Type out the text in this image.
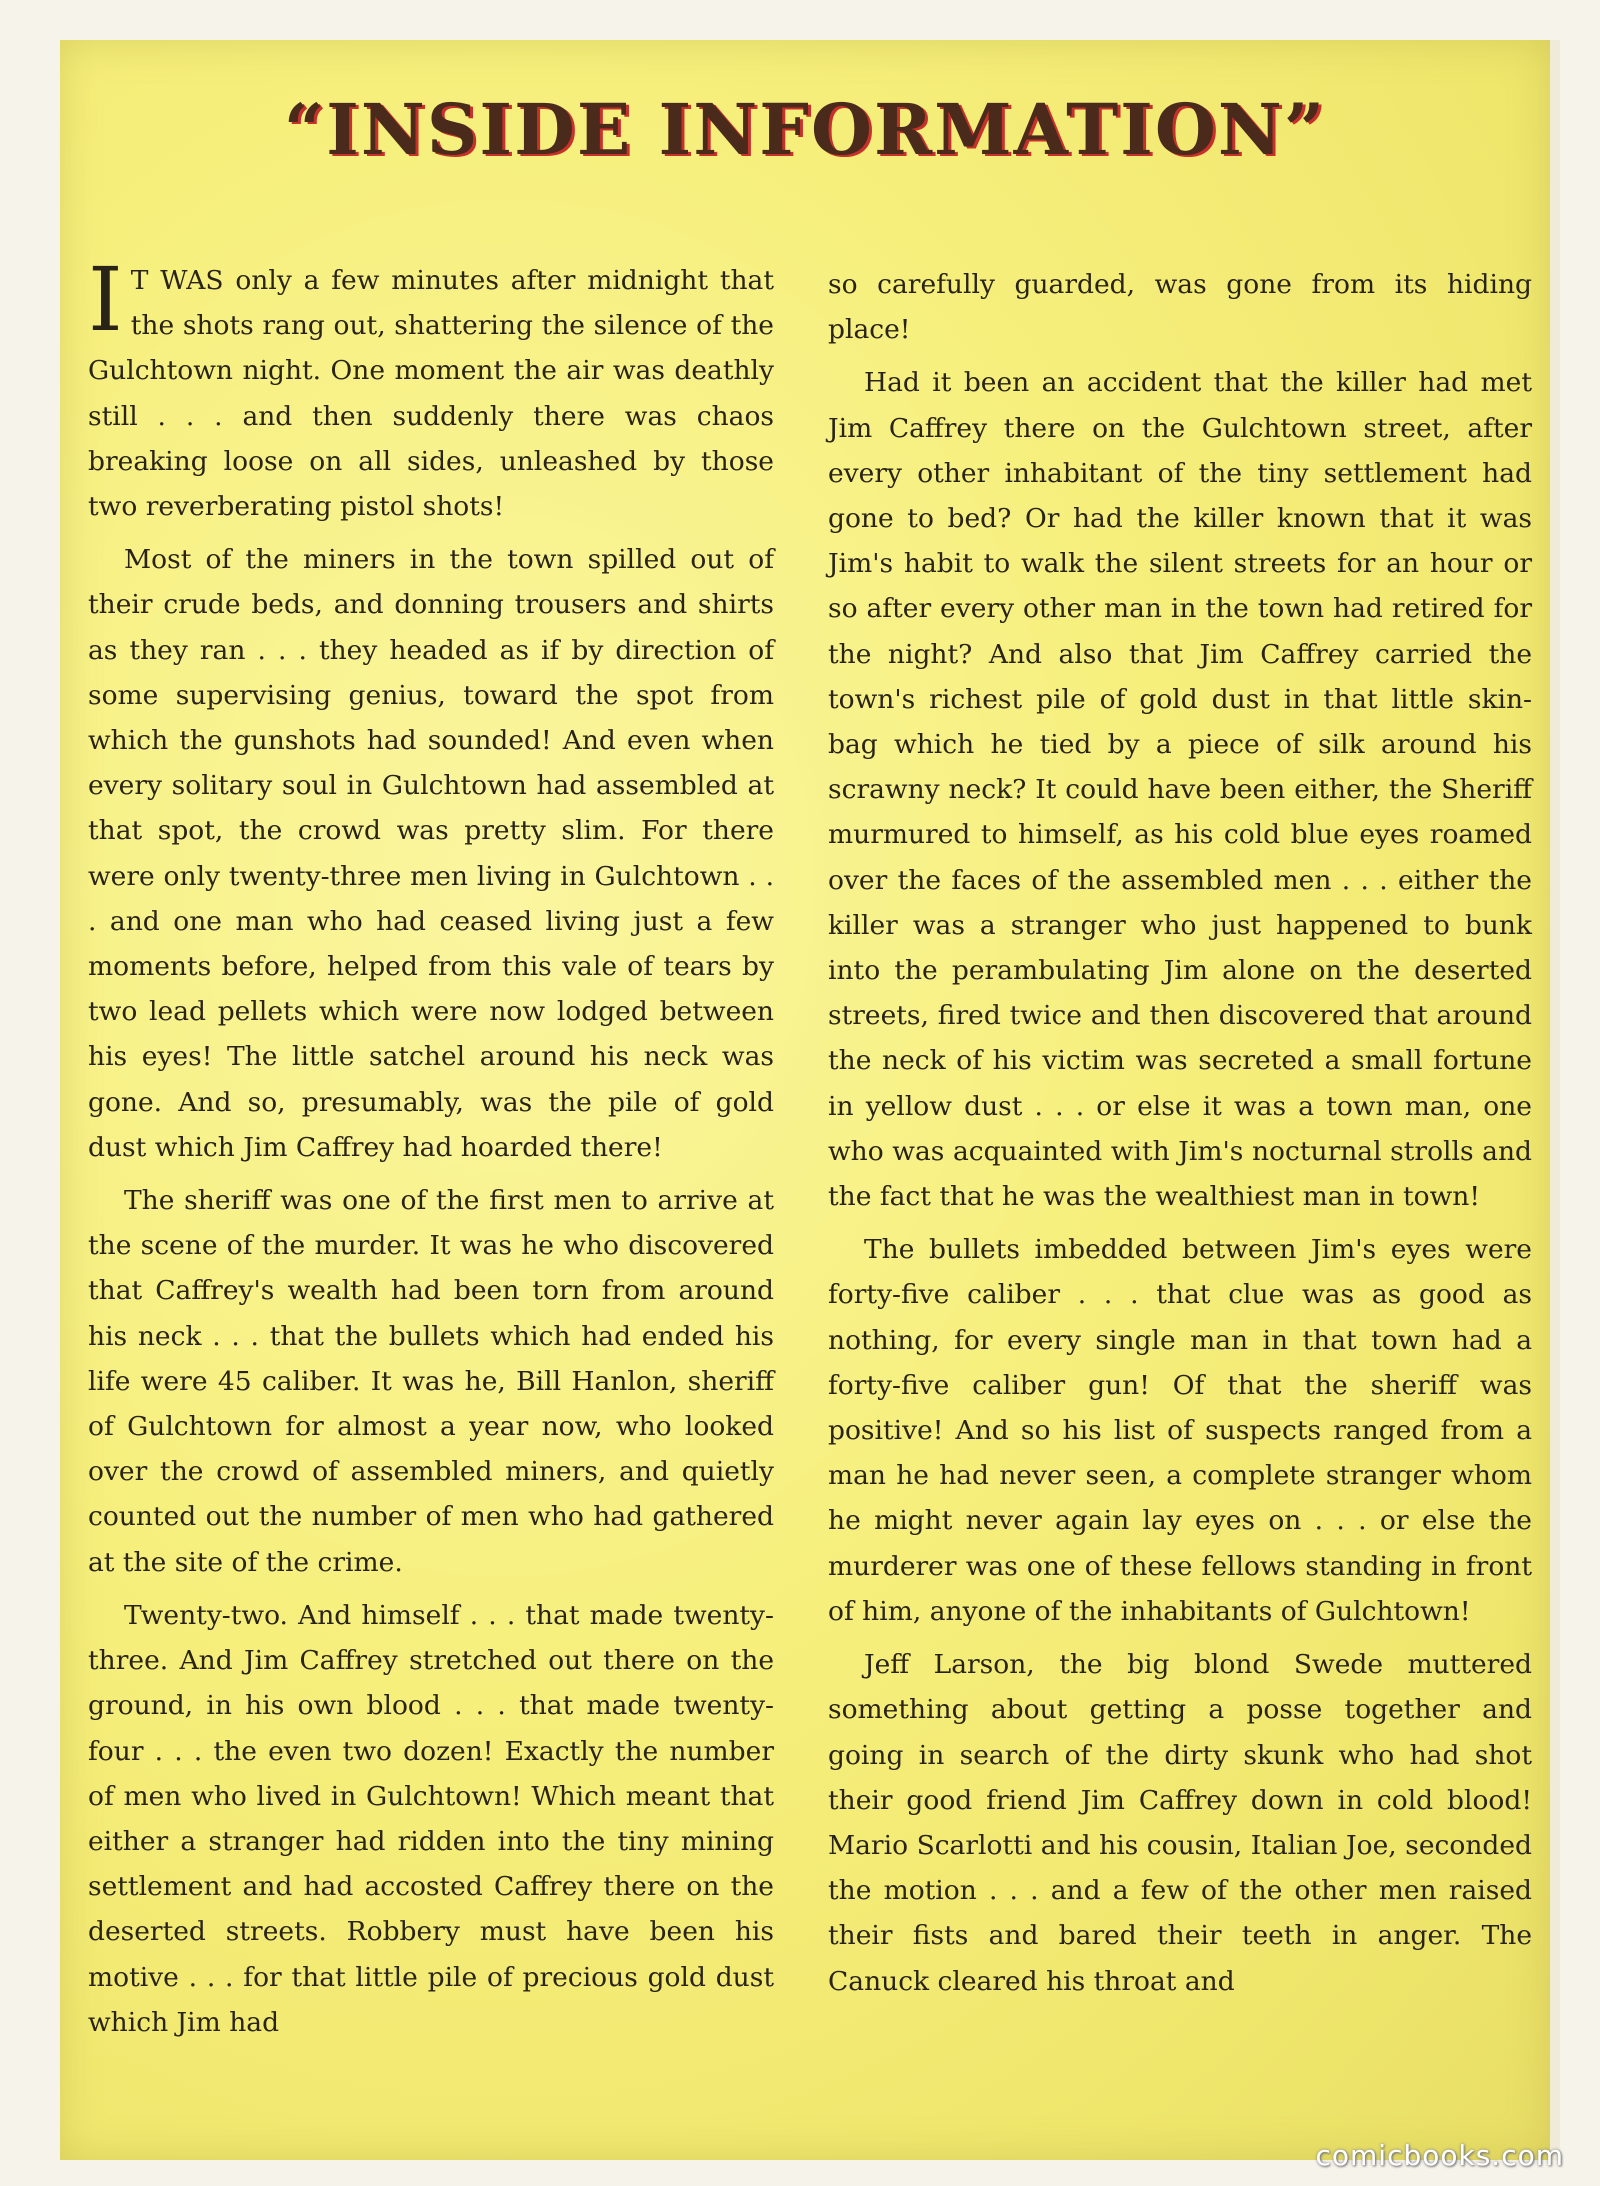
“INSIDE INFORMATION”

I T WAS only a few minutes after midnight that the shots rang out, shattering the silence of the Gulchtown night. One moment the air was deathly still . . . and then suddenly there was chaos breaking loose on all sides, unleashed by those two reverberating pistol shots!

Most of the miners in the town spilled out of their crude beds, and donning trousers and shirts as they ran . . . they headed as if by direction of some supervising genius, toward the spot from which the gunshots had sounded! And even when every solitary soul in Gulchtown had assembled at that spot, the crowd was pretty slim. For there were only twenty-three men living in Gulchtown . . . and one man who had ceased living just a few moments before, helped from this vale of tears by two lead pellets which were now lodged between his eyes! The little satchel around his neck was gone. And so, presumably, was the pile of gold dust which Jim Caffrey had hoarded there!

The sheriff was one of the first men to arrive at the scene of the murder. It was he who discovered that Caffrey's wealth had been torn from around his neck . . . that the bullets which had ended his life were 45 caliber. It was he, Bill Hanlon, sheriff of Gulchtown for almost a year now, who looked over the crowd of assembled miners, and quietly counted out the number of men who had gathered at the site of the crime.

Twenty-two. And himself . . . that made twenty-three. And Jim Caffrey stretched out there on the ground, in his own blood . . . that made twenty-four . . . the even two dozen! Exactly the number of men who lived in Gulchtown! Which meant that either a stranger had ridden into the tiny mining settlement and had accosted Caffrey there on the deserted streets. Robbery must have been his motive . . . for that little pile of precious gold dust which Jim had

so carefully guarded, was gone from its hiding place!

Had it been an accident that the killer had met Jim Caffrey there on the Gulchtown street, after every other inhabitant of the tiny settlement had gone to bed? Or had the killer known that it was Jim's habit to walk the silent streets for an hour or so after every other man in the town had retired for the night? And also that Jim Caffrey carried the town's richest pile of gold dust in that little skin-bag which he tied by a piece of silk around his scrawny neck? It could have been either, the Sheriff murmured to himself, as his cold blue eyes roamed over the faces of the assembled men . . . either the killer was a stranger who just happened to bunk into the perambulating Jim alone on the deserted streets, fired twice and then discovered that around the neck of his victim was secreted a small fortune in yellow dust . . . or else it was a town man, one who was acquainted with Jim's nocturnal strolls and the fact that he was the wealthiest man in town!

The bullets imbedded between Jim's eyes were forty-five caliber . . . that clue was as good as nothing, for every single man in that town had a forty-five caliber gun! Of that the sheriff was positive! And so his list of suspects ranged from a man he had never seen, a complete stranger whom he might never again lay eyes on . . . or else the murderer was one of these fellows standing in front of him, anyone of the inhabitants of Gulchtown!

Jeff Larson, the big blond Swede muttered something about getting a posse together and going in search of the dirty skunk who had shot their good friend Jim Caffrey down in cold blood! Mario Scarlotti and his cousin, Italian Joe, seconded the motion . . . and a few of the other men raised their fists and bared their teeth in anger. The Canuck cleared his throat and

comicbooks.com
